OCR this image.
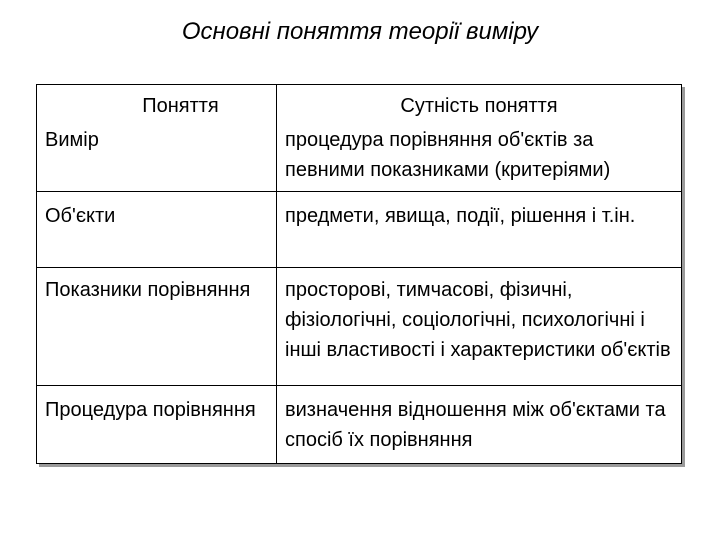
Основні поняття теорії виміру

Поняття	Сутність поняття

Вимір	процедура порівняння об'єктів за певними показниками (критеріями)

Об'єкти	предмети, явища, події, рішення і т.ін.

Показники порівняння	просторові, тимчасові, фізичні, фізіологічні, соціологічні, психологічні і інші властивості і характеристики об'єктів

Процедура порівняння	визначення відношення між об'єктами та спосіб їх порівняння
